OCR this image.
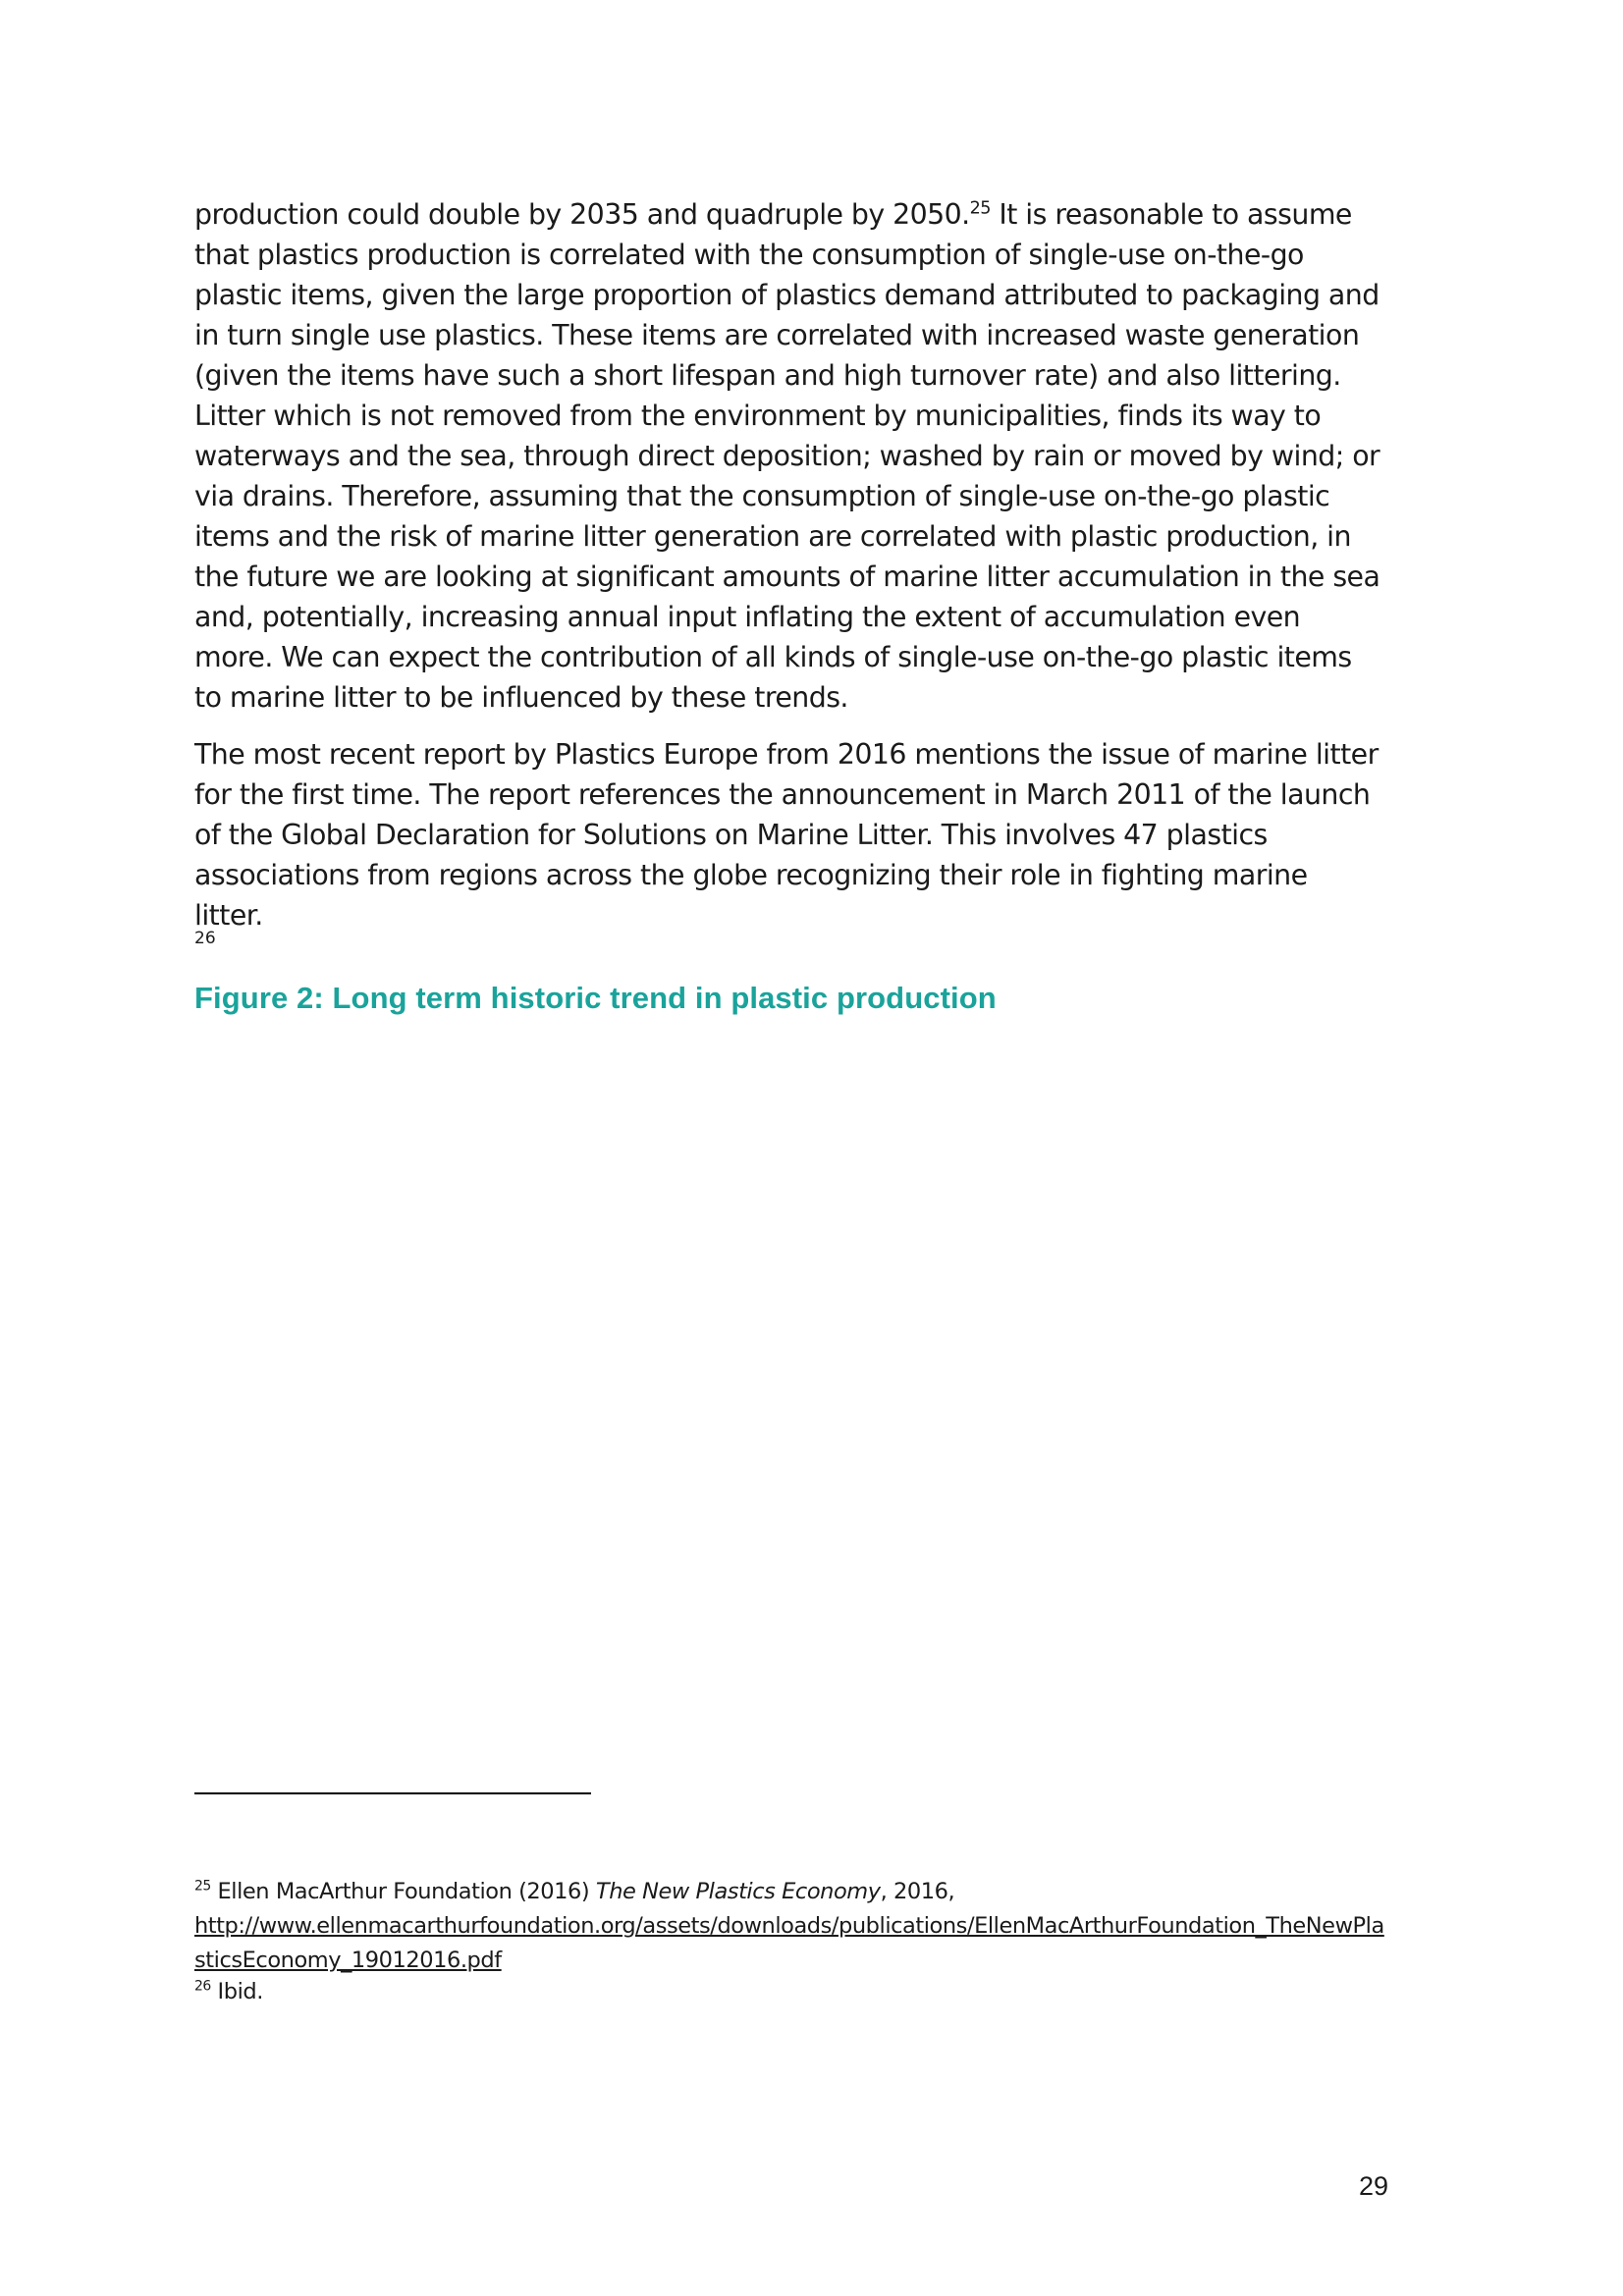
production could double by 2035 and quadruple by 2050.25 It is reasonable to assume that plastics production is correlated with the consumption of single-use on-the-go plastic items, given the large proportion of plastics demand attributed to packaging and in turn single use plastics. These items are correlated with increased waste generation (given the items have such a short lifespan and high turnover rate) and also littering. Litter which is not removed from the environment by municipalities, finds its way to waterways and the sea, through direct deposition; washed by rain or moved by wind; or via drains. Therefore, assuming that the consumption of single-use on-the-go plastic items and the risk of marine litter generation are correlated with plastic production, in the future we are looking at significant amounts of marine litter accumulation in the sea and, potentially, increasing annual input inflating the extent of accumulation even more. We can expect the contribution of all kinds of single-use on-the-go plastic items to marine litter to be influenced by these trends.

The most recent report by Plastics Europe from 2016 mentions the issue of marine litter for the first time. The report references the announcement in March 2011 of the launch of the Global Declaration for Solutions on Marine Litter. This involves 47 plastics associations from regions across the globe recognizing their role in fighting marine litter.

26
Figure 2: Long term historic trend in plastic production

$^{25}$ Ellen MacArthur Foundation (2016) The New Plastics Economy, 2016,

http://www.ellenmacarthurfoundation.org/assets/downloads/publications/EllenMacArthurFoundation_TheNewPlasticsEconomy_19012016.pdf

$^{26}$ Ibid.

29
